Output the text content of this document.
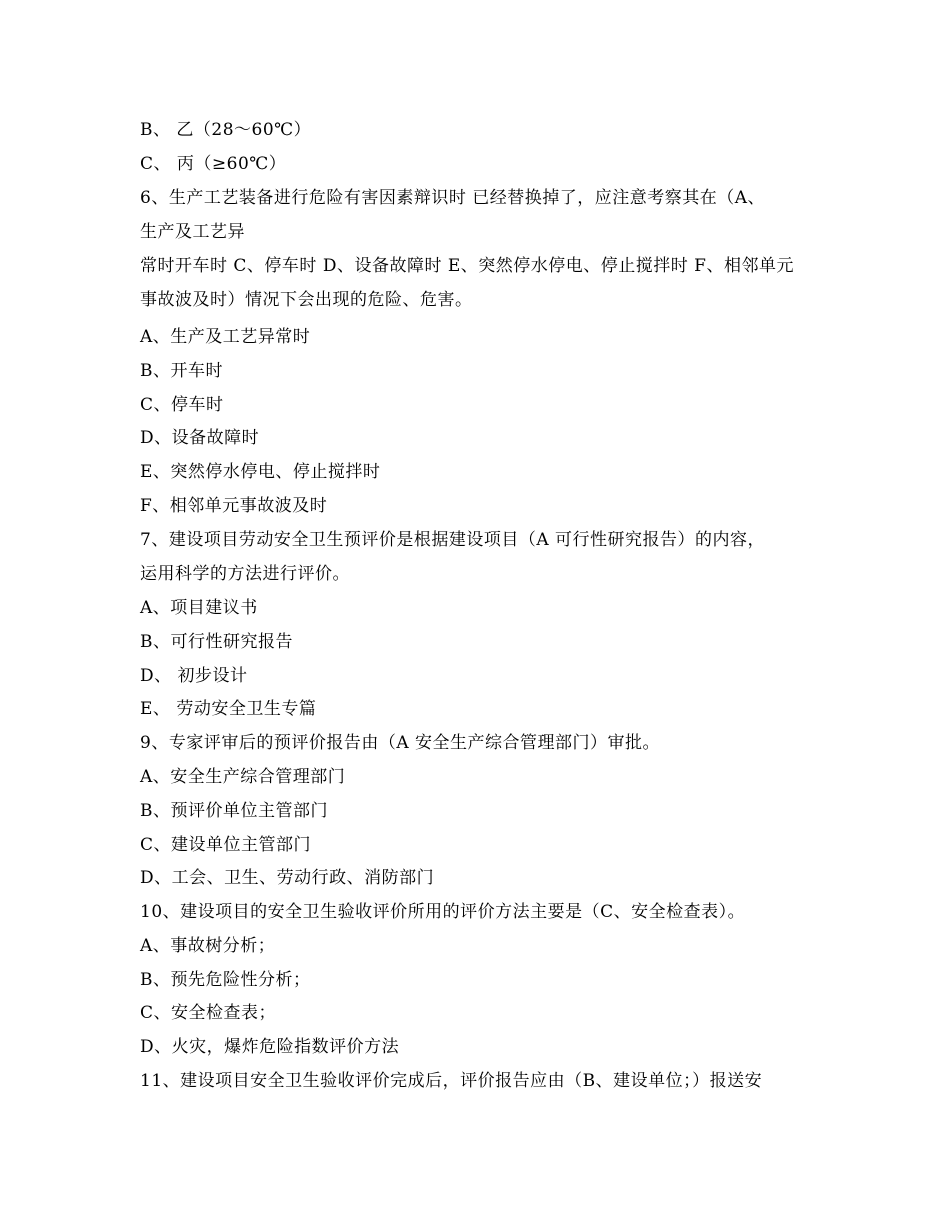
B、 乙（28～60℃）
C、 丙（≥60℃）
6、生产工艺装备进行危险有害因素辩识时 已经替换掉了，应注意考察其在（A、
生产及工艺异
常时开车时 C、停车时 D、设备故障时 E、突然停水停电、停止搅拌时 F、相邻单元
事故波及时）情况下会出现的危险、危害。
A、生产及工艺异常时
B、开车时
C、停车时
D、设备故障时
E、突然停水停电、停止搅拌时
F、相邻单元事故波及时
7、建设项目劳动安全卫生预评价是根据建设项目（A 可行性研究报告）的内容，
运用科学的方法进行评价。
A、项目建议书
B、可行性研究报告
D、 初步设计
E、 劳动安全卫生专篇
9、专家评审后的预评价报告由（A 安全生产综合管理部门）审批。
A、安全生产综合管理部门
B、预评价单位主管部门
C、建设单位主管部门
D、工会、卫生、劳动行政、消防部门
10、建设项目的安全卫生验收评价所用的评价方法主要是（C、安全检查表）。
A、事故树分析；
B、预先危险性分析；
C、安全检查表；
D、火灾，爆炸危险指数评价方法
11、建设项目安全卫生验收评价完成后，评价报告应由（B、建设单位；）报送安
